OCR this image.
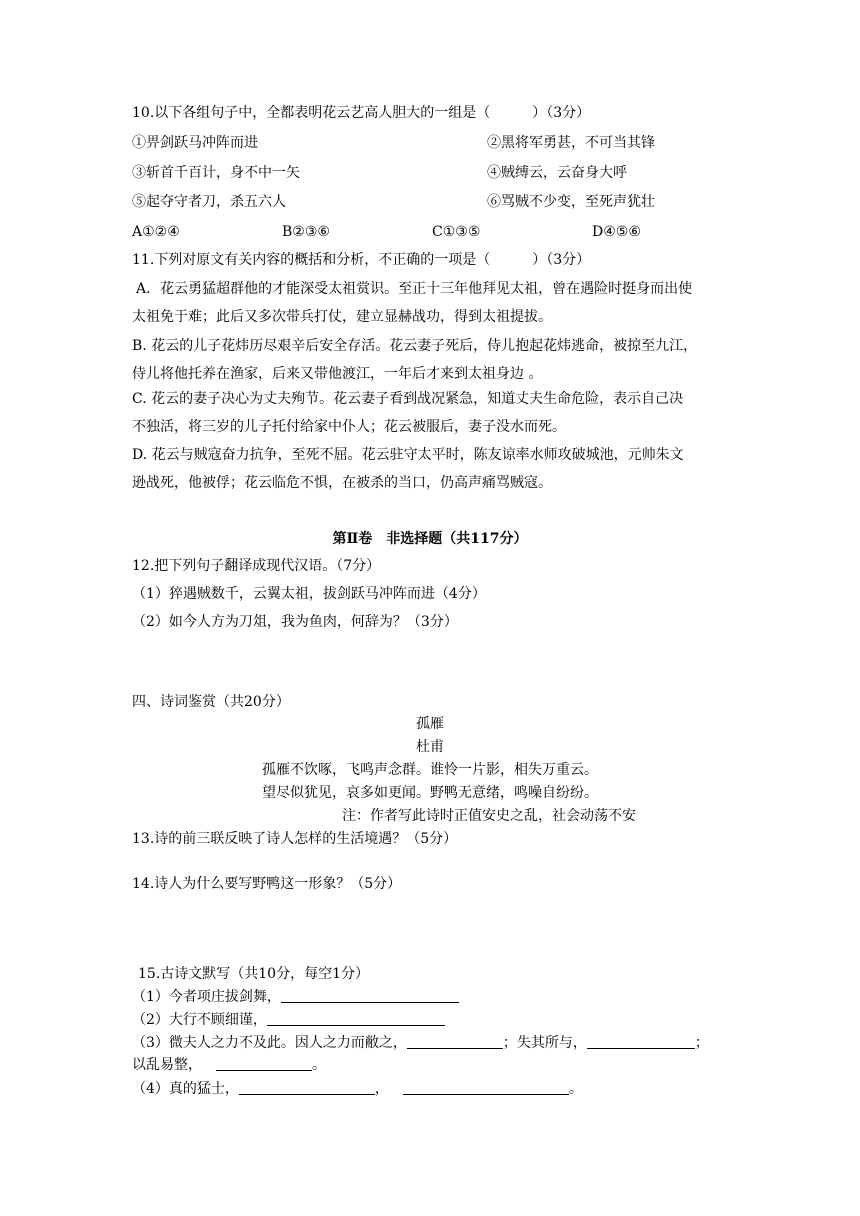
10.以下各组句子中，全都表明花云艺高人胆大的一组是（　　　）（3分）
①畀剑跃马冲阵而进	②黑将军勇甚，不可当其锋
③斩首千百计，身不中一矢	④贼缚云，云奋身大呼
⑤起夺守者刀，杀五六人	⑥骂贼不少变，至死声犹壮
A①②④	B②③⑥	C①③⑤	D④⑤⑥
11.下列对原文有关内容的概括和分析，不正确的一项是（　　　）（3分）
A．花云勇猛超群他的才能深受太祖赏识。至正十三年他拜见太祖，曾在遇险时挺身而出使
太祖免于难；此后又多次带兵打仗，建立显赫战功，得到太祖提拔。
B. 花云的儿子花炜历尽艰辛后安全存活。花云妻子死后，侍儿抱起花炜逃命，被掠至九江，
侍儿将他托养在渔家，后来又带他渡江，一年后才来到太祖身边 。
C. 花云的妻子决心为丈夫殉节。花云妻子看到战况紧急，知道丈夫生命危险，表示自己决
不独活，将三岁的儿子托付给家中仆人；花云被服后，妻子没水而死。
D. 花云与贼寇奋力抗争，至死不屈。花云驻守太平时，陈友谅率水师攻破城池，元帅朱文
逊战死，他被俘；花云临危不惧，在被杀的当口，仍高声痛骂贼寇。
第Ⅱ卷　非选择题（共117分）
12.把下列句子翻译成现代汉语。（7分）
（1）猝遇贼数千，云翼太祖，拔剑跃马冲阵而进（4分）
（2）如今人方为刀俎，我为鱼肉，何辞为？（3分）
四、诗词鉴赏（共20分）
孤雁
杜甫
孤雁不饮啄，飞鸣声念群。谁怜一片影，相失万重云。
望尽似犹见，哀多如更闻。野鸭无意绪，鸣噪自纷纷。
注：作者写此诗时正值安史之乱，社会动荡不安
13.诗的前三联反映了诗人怎样的生活境遇？（5分）
14.诗人为什么要写野鸭这一形象？（5分）
15.古诗文默写（共10分，每空1分）
（1）今者项庄拔剑舞，
（2）大行不顾细谨，
（3）微夫人之力不及此。因人之力而敝之，	；失其所与，	；
以乱易整，	。
（4）真的猛士，	，	。
